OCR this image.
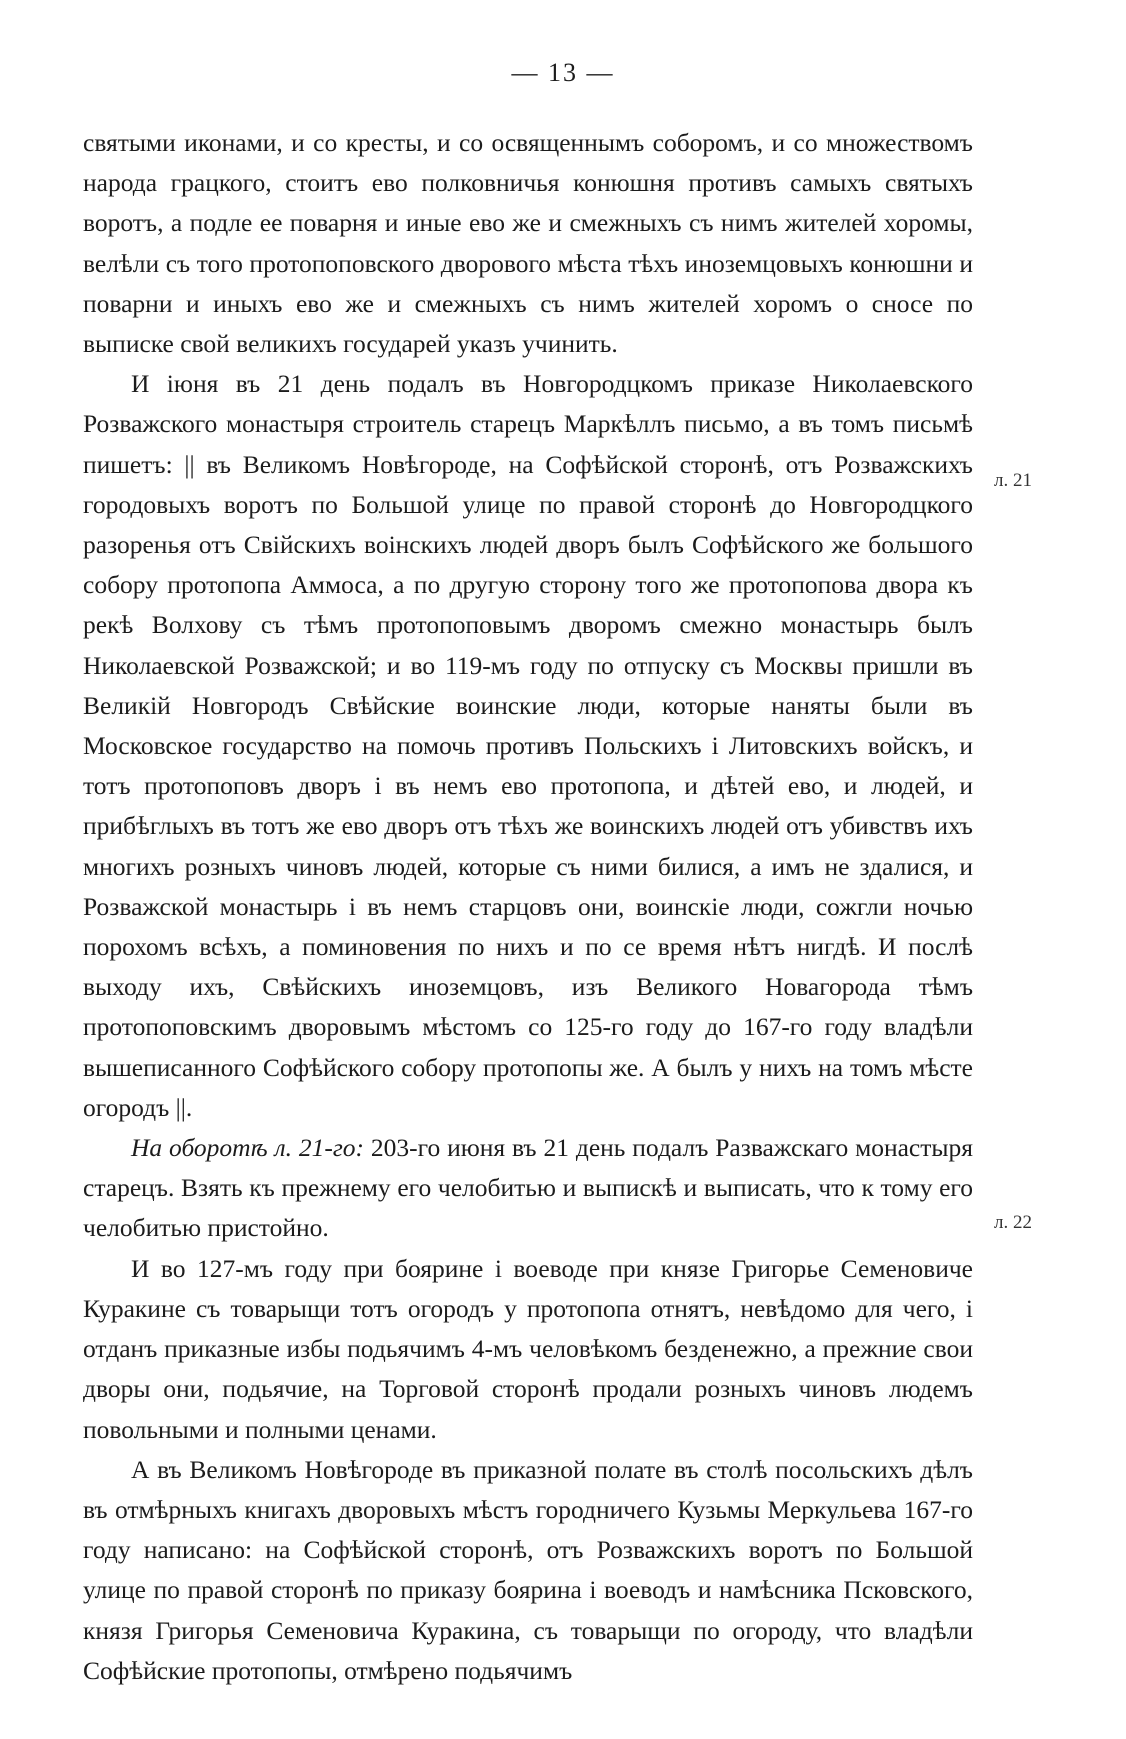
— 13 —

святыми иконами, и со кресты, и со освященнымъ соборомъ, и со множествомъ народа грацкого, стоитъ ево полковничья конюшня противъ самыхъ святыхъ воротъ, а подле ее поварня и иные ево же и смежныхъ съ нимъ жителей хоромы, велѣли съ того протопоповского дворового мѣста тѣхъ иноземцовыхъ конюшни и поварни и иныхъ ево же и смежныхъ съ нимъ жителей хоромъ о сносе по выписке свой великихъ государей указъ учинить.

И іюня въ 21 день подалъ въ Новгородцкомъ приказе Николаевского Розважского монастыря строитель старецъ Маркѣллъ письмо, а въ томъ письмѣ пишетъ: || въ Великомъ Новѣгороде, на Софѣйской сторонѣ, отъ Розважскихъ городовыхъ воротъ по Большой улице по правой сторонѣ до Новгородцкого разоренья отъ Свійскихъ воінскихъ людей дворъ былъ Софѣйского же большого собору протопопа Аммоса, а по другую сторону того же протопопова двора къ рекѣ Волхову съ тѣмъ протопоповымъ дворомъ смежно монастырь былъ Николаевской Розважской; и во 119-мъ году по отпуску съ Москвы пришли въ Великій Новгородъ Свѣйские воинские люди, которые наняты были въ Московское государство на помочь противъ Польскихъ і Литовскихъ войскъ, и тотъ протопоповъ дворъ і въ немъ ево протопопа, и дѣтей ево, и людей, и прибѣглыхъ въ тотъ же ево дворъ отъ тѣхъ же воинскихъ людей отъ убивствъ ихъ многихъ розныхъ чиновъ людей, которые съ ними билися, а имъ не здалися, и Розважской монастырь і въ немъ старцовъ они, воинскіе люди, сожгли ночью порохомъ всѣхъ, а поминовения по нихъ и по се время нѣтъ нигдѣ. И послѣ выходу ихъ, Свѣйскихъ иноземцовъ, изъ Великого Новагорода тѣмъ протопоповскимъ дворовымъ мѣстомъ со 125-го году до 167-го году владѣли вышеписанного Софѣйского собору протопопы же. А былъ у нихъ на томъ мѣсте огородъ ||.

На оборотѣ л. 21-го: 203-го июня въ 21 день подалъ Разважскаго монастыря старецъ. Взять къ прежнему его челобитью и выпискѣ и выписать, что к тому его челобитью пристойно.

И во 127-мъ году при боярине і воеводе при князе Григорье Семеновиче Куракине съ товарыщи тотъ огородъ у протопопа отнятъ, невѣдомо для чего, і отданъ приказные избы подьячимъ 4-мъ человѣкомъ безденежно, а прежние свои дворы они, подьячие, на Торговой сторонѣ продали розныхъ чиновъ людемъ повольными и полными ценами.

А въ Великомъ Новѣгороде въ приказной полате въ столѣ посольскихъ дѣлъ въ отмѣрныхъ книгахъ дворовыхъ мѣстъ городничего Кузьмы Меркульева 167-го году написано: на Софѣйской сторонѣ, отъ Розважскихъ воротъ по Большой улице по правой сторонѣ по приказу боярина і воеводъ и намѣсника Псковского, князя Григорья Семеновича Куракина, съ товарыщи по огороду, что владѣли Софѣйские протопопы, отмѣрено подьячимъ

л. 21
л. 22
